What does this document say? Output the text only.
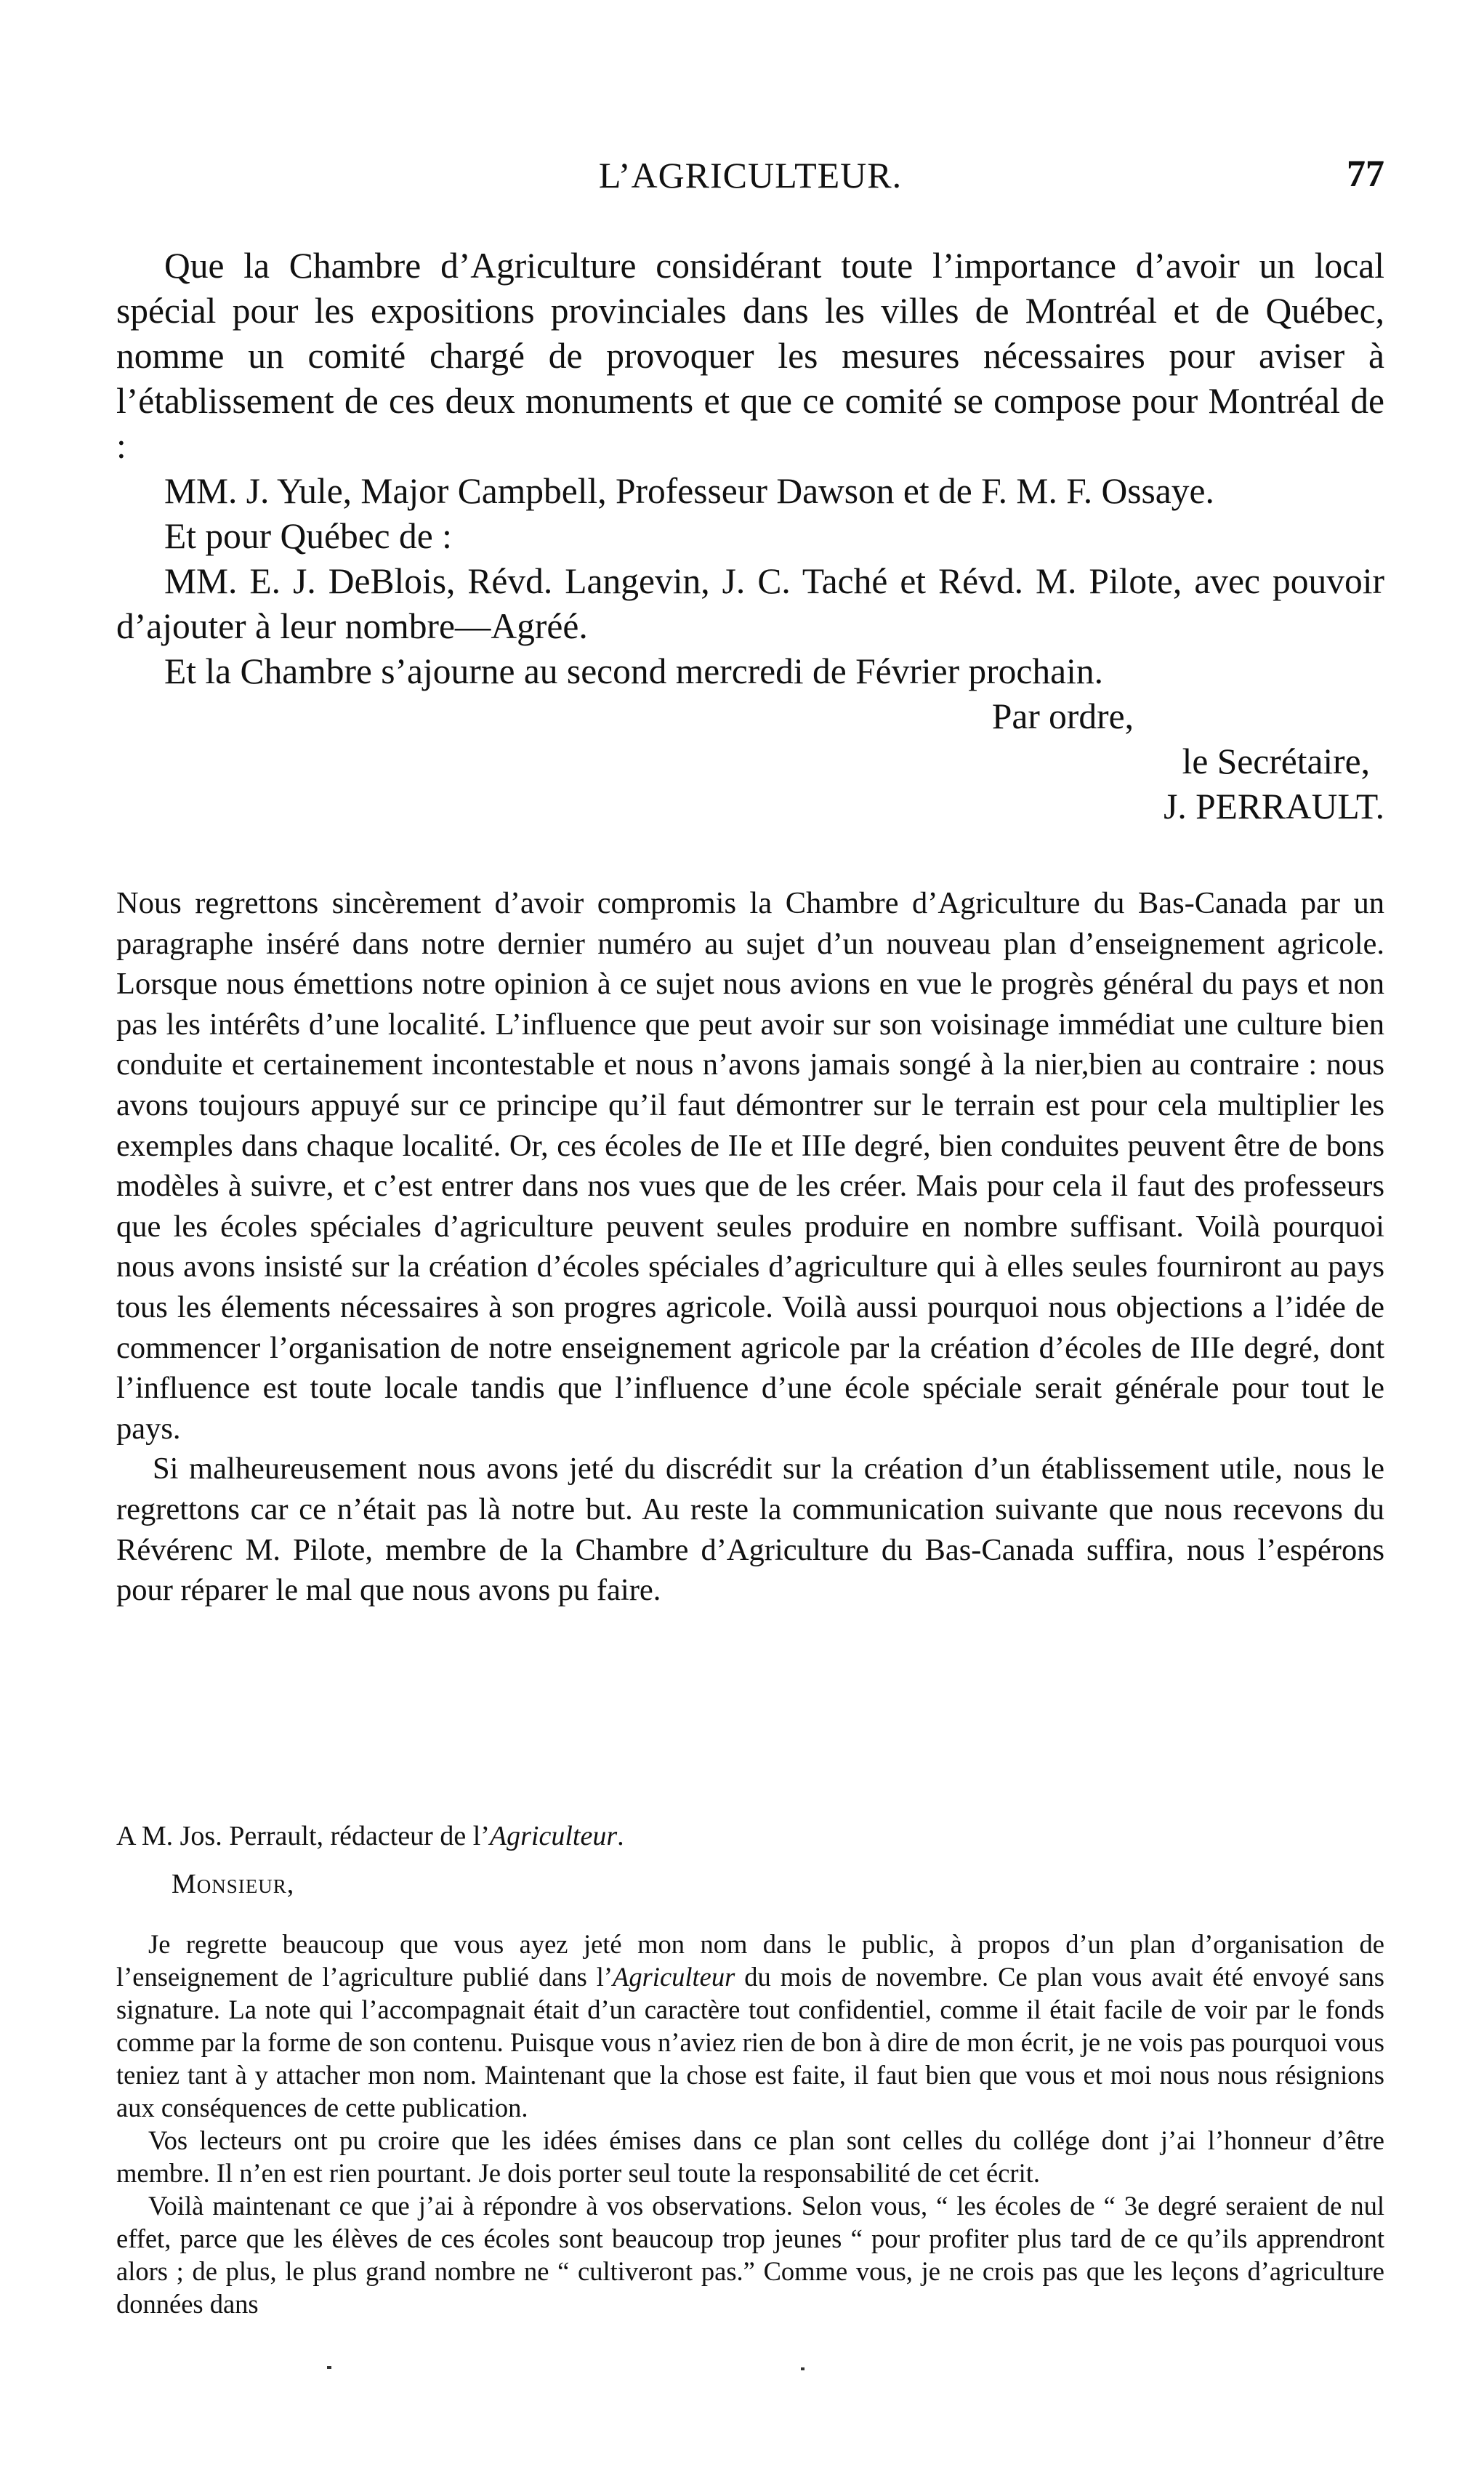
L’AGRICULTEUR.	77

Que la Chambre d’Agriculture considérant toute l’importance d’avoir un local spécial pour les expositions provinciales dans les villes de Montréal et de Québec, nomme un comité chargé de provoquer les mesures nécessaires pour aviser à l’établissement de ces deux monuments et que ce comité se compose pour Montréal de :

MM. J. Yule, Major Campbell, Professeur Dawson et de F. M. F. Ossaye.

Et pour Québec de :

MM. E. J. DeBlois, Révd. Langevin, J. C. Taché et Révd. M. Pilote, avec pouvoir d’ajouter à leur nombre—Agréé.

Et la Chambre s’ajourne au second mercredi de Février prochain.

Par ordre,
le Secrétaire,
J. PERRAULT.

Nous regrettons sincèrement d’avoir compromis la Chambre d’Agriculture du Bas-Canada par un paragraphe inséré dans notre dernier numéro au sujet d’un nouveau plan d’enseignement agricole. Lorsque nous émettions notre opinion à ce sujet nous avions en vue le progrès général du pays et non pas les intérêts d’une localité. L’influence que peut avoir sur son voisinage immédiat une culture bien conduite et certainement incontestable et nous n’avons jamais songé à la nier,bien au contraire : nous avons toujours appuyé sur ce principe qu’il faut démontrer sur le terrain est pour cela multiplier les exemples dans chaque localité. Or, ces écoles de IIe et IIIe degré, bien conduites peuvent être de bons modèles à suivre, et c’est entrer dans nos vues que de les créer. Mais pour cela il faut des professeurs que les écoles spéciales d’agriculture peuvent seules produire en nombre suffisant. Voilà pourquoi nous avons insisté sur la création d’écoles spéciales d’agriculture qui à elles seules fourniront au pays tous les élements nécessaires à son progres agricole. Voilà aussi pourquoi nous objections a l’idée de commencer l’organisation de notre enseignement agricole par la création d’écoles de IIIe degré, dont l’influence est toute locale tandis que l’influence d’une école spéciale serait générale pour tout le pays.

Si malheureusement nous avons jeté du discrédit sur la création d’un établissement utile, nous le regrettons car ce n’était pas là notre but. Au reste la communication suivante que nous recevons du Révérenc M. Pilote, membre de la Chambre d’Agriculture du Bas-Canada suffira, nous l’espérons pour réparer le mal que nous avons pu faire.

A M. Jos. Perrault, rédacteur de l’Agriculteur.

Monsieur,

Je regrette beaucoup que vous ayez jeté mon nom dans le public, à propos d’un plan d’organisation de l’enseignement de l’agriculture publié dans l’Agriculteur du mois de novembre. Ce plan vous avait été envoyé sans signature. La note qui l’accompagnait était d’un caractère tout confidentiel, comme il était facile de voir par le fonds comme par la forme de son contenu. Puisque vous n’aviez rien de bon à dire de mon écrit, je ne vois pas pourquoi vous teniez tant à y attacher mon nom. Maintenant que la chose est faite, il faut bien que vous et moi nous nous résignions aux conséquences de cette publication.

Vos lecteurs ont pu croire que les idées émises dans ce plan sont celles du collége dont j’ai l’honneur d’être membre. Il n’en est rien pourtant. Je dois porter seul toute la responsabilité de cet écrit.

Voilà maintenant ce que j’ai à répondre à vos observations. Selon vous, “ les écoles de “ 3e degré seraient de nul effet, parce que les élèves de ces écoles sont beaucoup trop jeunes “ pour profiter plus tard de ce qu’ils apprendront alors ; de plus, le plus grand nombre ne “ cultiveront pas.” Comme vous, je ne crois pas que les leçons d’agriculture données dans
